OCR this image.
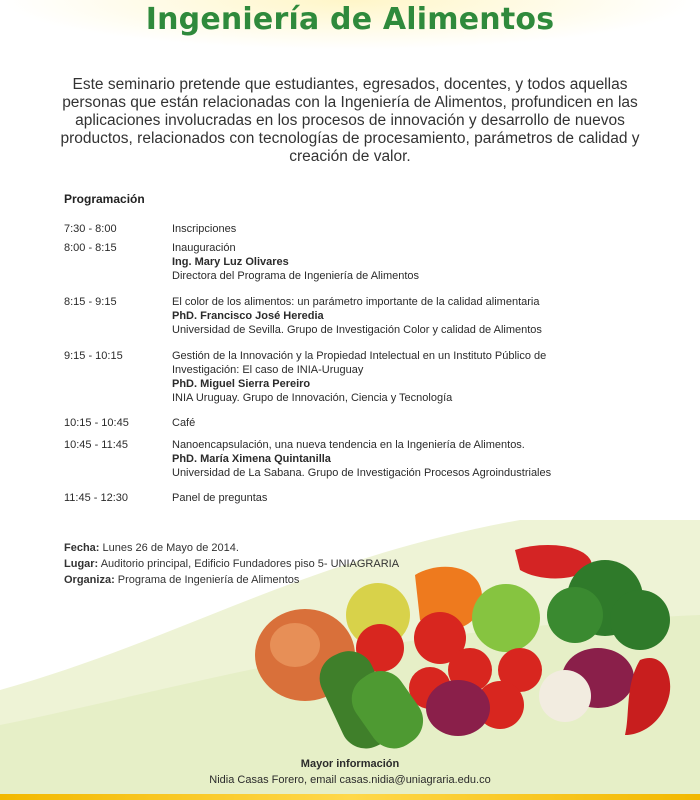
Ingeniería de Alimentos
Este seminario pretende que estudiantes, egresados, docentes, y todos aquellas personas que están relacionadas con la Ingeniería de Alimentos, profundicen en las aplicaciones involucradas en los procesos de innovación y desarrollo de nuevos productos, relacionados con tecnologías de procesamiento, parámetros de calidad y creación de valor.
Programación
7:30 - 8:00	Inscripciones
8:00 - 8:15	Inauguración
Ing. Mary Luz Olivares
Directora del Programa de Ingeniería de Alimentos
8:15 - 9:15	El color de los alimentos: un parámetro importante de la calidad alimentaria
PhD. Francisco José Heredia
Universidad de Sevilla. Grupo de Investigación Color y calidad de Alimentos
9:15 - 10:15	Gestión de la Innovación y la Propiedad Intelectual en un Instituto Público de
Investigación: El caso de INIA-Uruguay
PhD. Miguel Sierra Pereiro
INIA Uruguay. Grupo de Innovación, Ciencia y Tecnología
10:15 - 10:45	Café
10:45 - 11:45	Nanoencapsulación, una nueva tendencia en la Ingeniería de Alimentos.
PhD. María Ximena Quintanilla
Universidad de La Sabana. Grupo de Investigación Procesos Agroindustriales
11:45 - 12:30	Panel de preguntas
Fecha: Lunes 26 de Mayo de 2014.
Lugar: Auditorio principal, Edificio Fundadores piso 5- UNIAGRARIA
Organiza: Programa de Ingeniería de Alimentos
Mayor información
Nidia Casas Forero, email casas.nidia@uniagraria.edu.co
